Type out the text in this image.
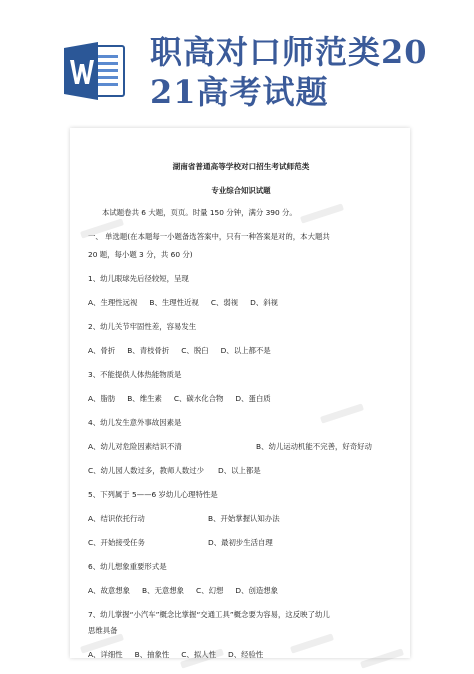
职高对口师范类2021高考试题
湖南省普通高等学校对口招生考试师范类
专业综合知识试题
本试题卷共 6 大题，页页。时量 150 分钟，满分 390 分。
一、 单选题(在本题每一小题备选答案中，只有一种答案是对的，本大题共
20 题，每小题 3 分，共 60 分)
1、幼儿眼球先后径较短，呈现
A、生理性远视 B、生理性近视 C、弱视 D、斜视
2、幼儿关节牢固性差，容易发生
A、骨折 B、青枝骨折 C、脱臼 D、以上都不是
3、不能提供人体热能物质是
A、脂肪 B、维生素 C、碳水化合物 D、蛋白质
4、幼儿发生意外事故因素是
A、幼儿对危险因素结识不清	B、幼儿运动机能不完善，好奇好动
C、幼儿园人数过多，教师人数过少	D、以上都是
5、下列属于 5——6 岁幼儿心理特性是
A、结识依托行动	B、开始掌握认知办法
C、开始接受任务	D、最初步生活自理
6、幼儿想象重要形式是
A、故意想象 B、无意想象 C、幻想 D、创造想象
7、幼儿掌握“小汽车”概念比掌握“交通工具”概念要为容易，这反映了幼儿
思维具备
A、详细性 B、抽象性 C、拟人性 D、经验性
